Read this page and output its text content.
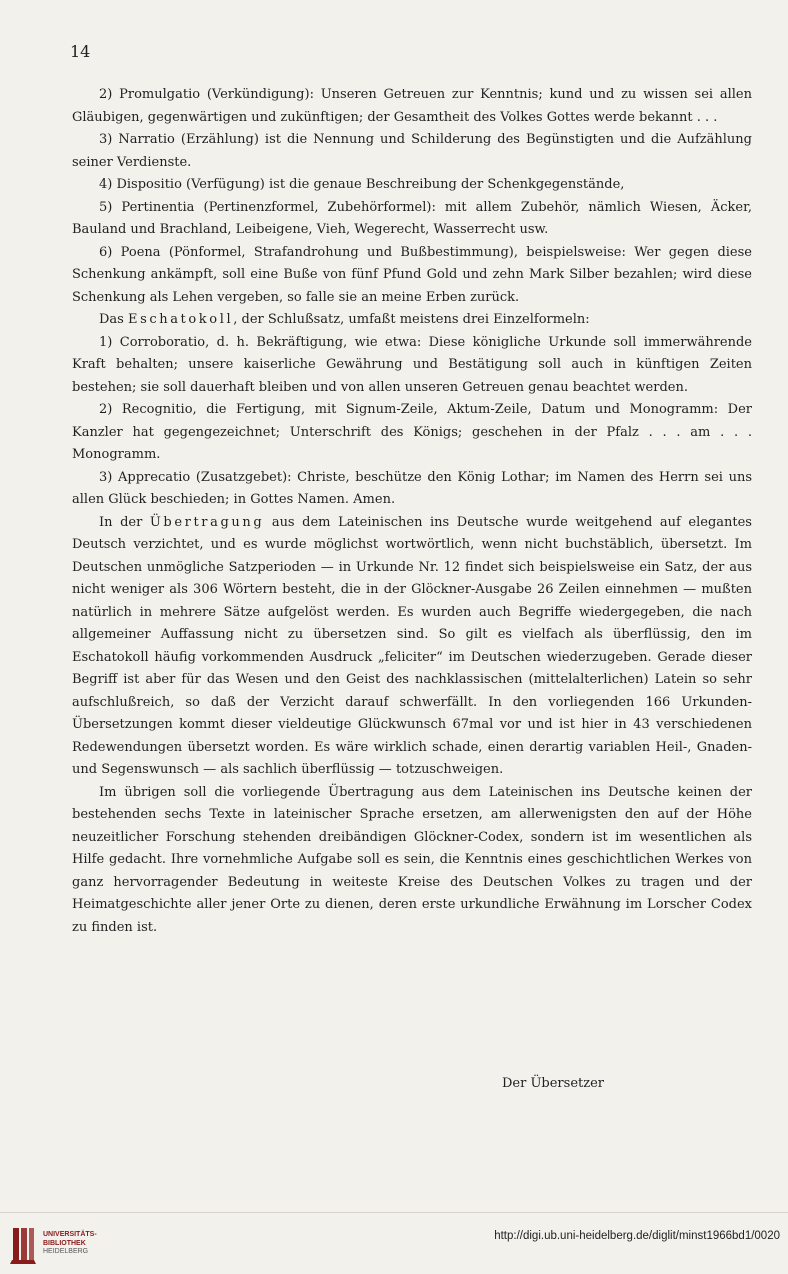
14

2) Promulgatio (Verkündigung): Unseren Getreuen zur Kenntnis; kund und zu wissen sei allen Gläubigen, gegenwärtigen und zukünftigen; der Gesamtheit des Volkes Gottes werde bekannt . . .

3) Narratio (Erzählung) ist die Nennung und Schilderung des Begünstigten und die Aufzählung seiner Verdienste.

4) Dispositio (Verfügung) ist die genaue Beschreibung der Schenkgegenstände,

5) Pertinentia (Pertinenzformel, Zubehörformel): mit allem Zubehör, nämlich Wiesen, Äcker, Bauland und Brachland, Leibeigene, Vieh, Wegerecht, Wasserrecht usw.

6) Poena (Pönformel, Strafandrohung und Bußbestimmung), beispielsweise: Wer gegen diese Schenkung ankämpft, soll eine Buße von fünf Pfund Gold und zehn Mark Silber bezahlen; wird diese Schenkung als Lehen vergeben, so falle sie an meine Erben zurück.

Das Eschatokoll, der Schlußsatz, umfaßt meistens drei Einzelformeln:

1) Corroboratio, d. h. Bekräftigung, wie etwa: Diese königliche Urkunde soll immerwährende Kraft behalten; unsere kaiserliche Gewährung und Bestätigung soll auch in künftigen Zeiten bestehen; sie soll dauerhaft bleiben und von allen unseren Getreuen genau beachtet werden.

2) Recognitio, die Fertigung, mit Signum-Zeile, Aktum-Zeile, Datum und Monogramm: Der Kanzler hat gegengezeichnet; Unterschrift des Königs; geschehen in der Pfalz . . . am . . . Monogramm.

3) Apprecatio (Zusatzgebet): Christe, beschütze den König Lothar; im Namen des Herrn sei uns allen Glück beschieden; in Gottes Namen. Amen.

In der Übertragung aus dem Lateinischen ins Deutsche wurde weitgehend auf elegantes Deutsch verzichtet, und es wurde möglichst wortwörtlich, wenn nicht buchstäblich, übersetzt. Im Deutschen unmögliche Satzperioden — in Urkunde Nr. 12 findet sich beispielsweise ein Satz, der aus nicht weniger als 306 Wörtern besteht, die in der Glöckner-Ausgabe 26 Zeilen einnehmen — mußten natürlich in mehrere Sätze aufgelöst werden. Es wurden auch Begriffe wiedergegeben, die nach allgemeiner Auffassung nicht zu übersetzen sind. So gilt es vielfach als überflüssig, den im Eschatokoll häufig vorkommenden Ausdruck „feliciter“ im Deutschen wiederzugeben. Gerade dieser Begriff ist aber für das Wesen und den Geist des nachklassischen (mittelalterlichen) Latein so sehr aufschlußreich, so daß der Verzicht darauf schwerfällt. In den vorliegenden 166 Urkunden-Übersetzungen kommt dieser vieldeutige Glückwunsch 67mal vor und ist hier in 43 verschiedenen Redewendungen übersetzt worden. Es wäre wirklich schade, einen derartig variablen Heil-, Gnaden- und Segenswunsch — als sachlich überflüssig — totzuschweigen.

Im übrigen soll die vorliegende Übertragung aus dem Lateinischen ins Deutsche keinen der bestehenden sechs Texte in lateinischer Sprache ersetzen, am allerwenigsten den auf der Höhe neuzeitlicher Forschung stehenden dreibändigen Glöckner-Codex, sondern ist im wesentlichen als Hilfe gedacht. Ihre vornehmliche Aufgabe soll es sein, die Kenntnis eines geschichtlichen Werkes von ganz hervorragender Bedeutung in weiteste Kreise des Deutschen Volkes zu tragen und der Heimatgeschichte aller jener Orte zu dienen, deren erste urkundliche Erwähnung im Lorscher Codex zu finden ist.

Der Übersetzer
UNIVERSITÄTS-
BIBLIOTHEK
HEIDELBERG
http://digi.ub.uni-heidelberg.de/diglit/minst1966bd1/0020
